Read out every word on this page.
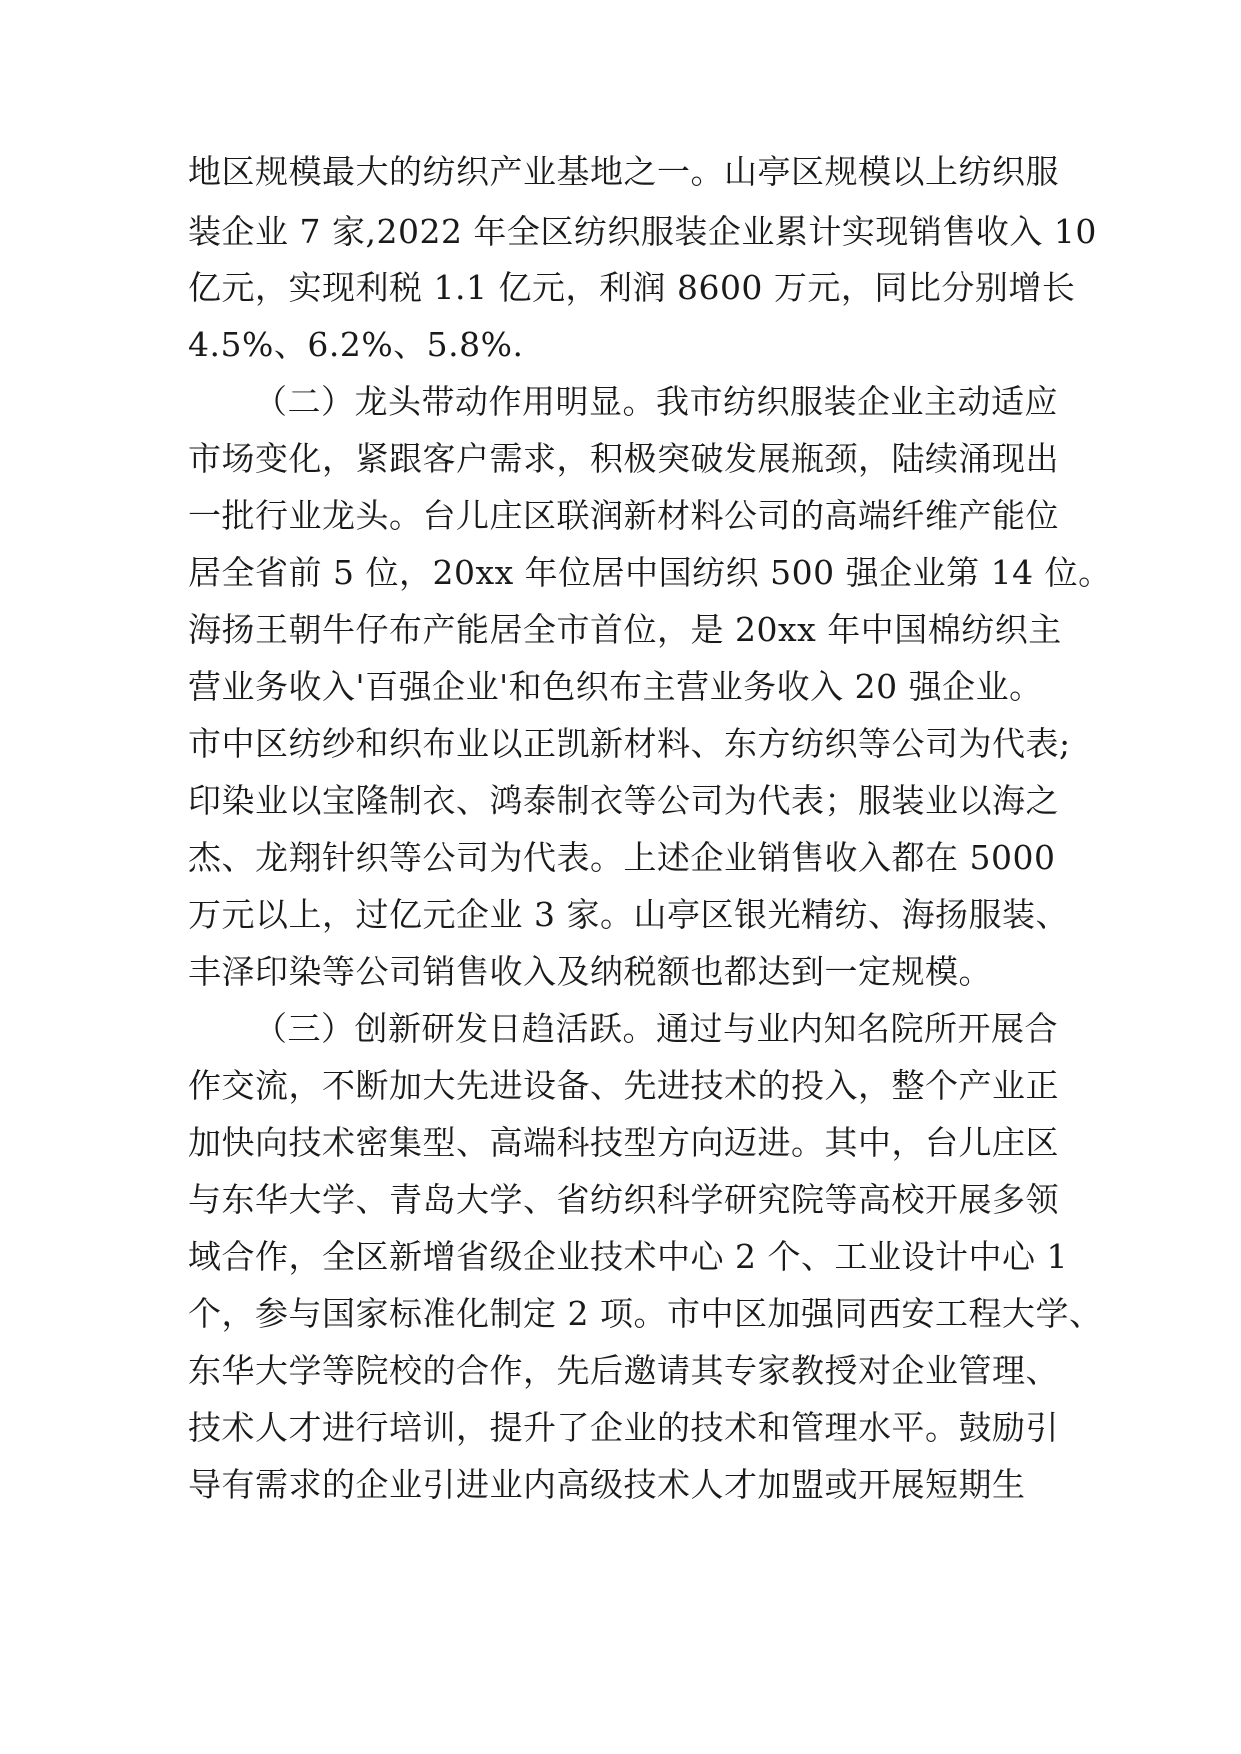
地区规模最大的纺织产业基地之一。山亭区规模以上纺织服
装企业 7 家,2022 年全区纺织服装企业累计实现销售收入 10
亿元，实现利税 1.1 亿元，利润 8600 万元，同比分别增长
4.5%、6.2%、5.8%.
（二）龙头带动作用明显。我市纺织服装企业主动适应
市场变化，紧跟客户需求，积极突破发展瓶颈，陆续涌现出
一批行业龙头。台儿庄区联润新材料公司的高端纤维产能位
居全省前 5 位，20xx 年位居中国纺织 500 强企业第 14 位。
海扬王朝牛仔布产能居全市首位，是 20xx 年中国棉纺织主
营业务收入'百强企业'和色织布主营业务收入 20 强企业。
市中区纺纱和织布业以正凯新材料、东方纺织等公司为代表;
印染业以宝隆制衣、鸿泰制衣等公司为代表；服装业以海之
杰、龙翔针织等公司为代表。上述企业销售收入都在 5000
万元以上，过亿元企业 3 家。山亭区银光精纺、海扬服装、
丰泽印染等公司销售收入及纳税额也都达到一定规模。
（三）创新研发日趋活跃。通过与业内知名院所开展合
作交流，不断加大先进设备、先进技术的投入，整个产业正
加快向技术密集型、高端科技型方向迈进。其中，台儿庄区
与东华大学、青岛大学、省纺织科学研究院等高校开展多领
域合作，全区新增省级企业技术中心 2 个、工业设计中心 1
个，参与国家标准化制定 2 项。市中区加强同西安工程大学、
东华大学等院校的合作，先后邀请其专家教授对企业管理、
技术人才进行培训，提升了企业的技术和管理水平。鼓励引
导有需求的企业引进业内高级技术人才加盟或开展短期生
